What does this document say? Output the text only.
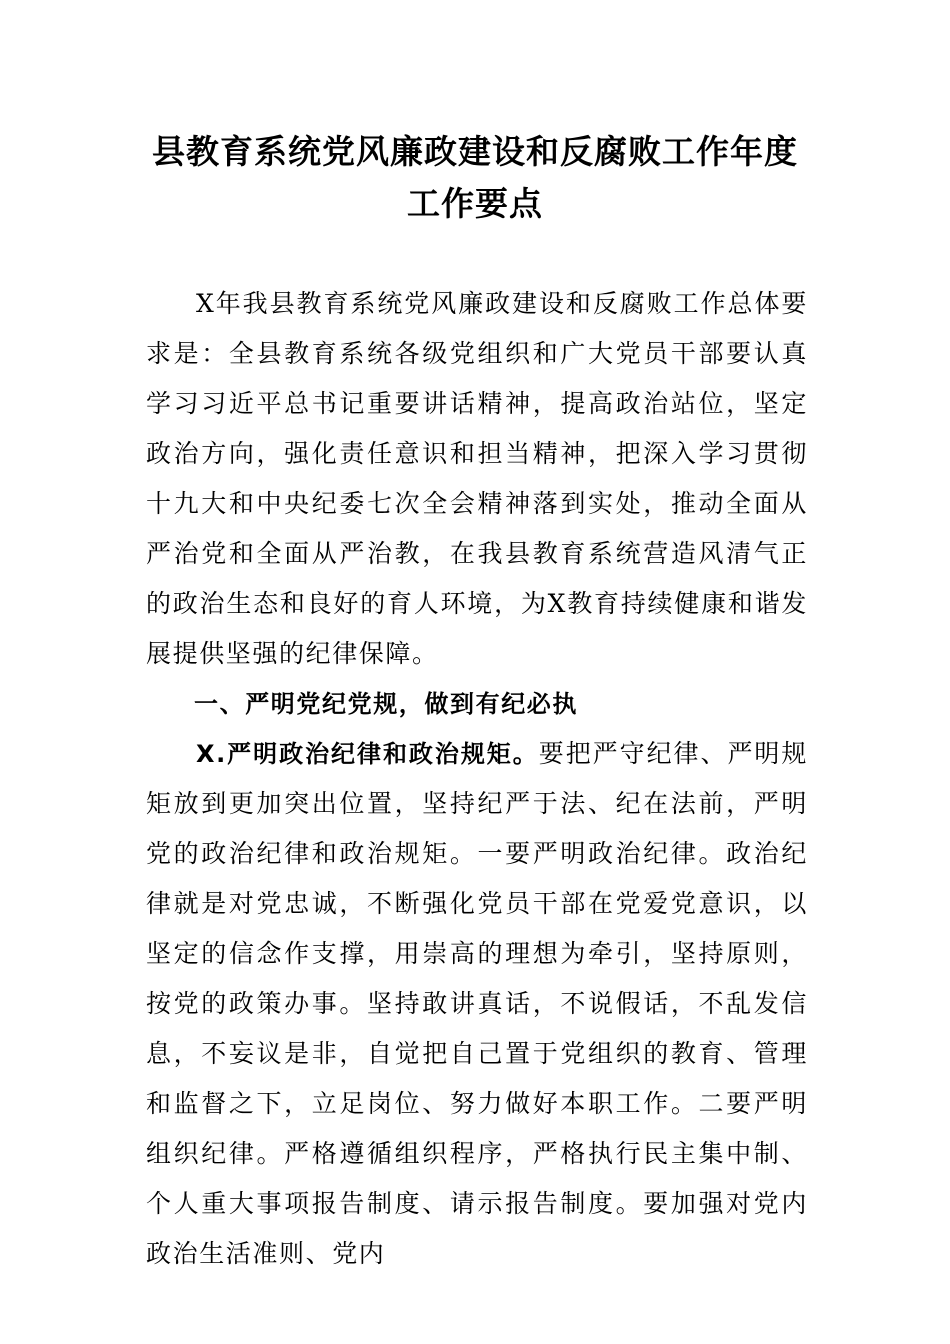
县教育系统党风廉政建设和反腐败工作年度工作要点

X年我县教育系统党风廉政建设和反腐败工作总体要求是：全县教育系统各级党组织和广大党员干部要认真学习习近平总书记重要讲话精神，提高政治站位，坚定政治方向，强化责任意识和担当精神，把深入学习贯彻十九大和中央纪委七次全会精神落到实处，推动全面从严治党和全面从严治教，在我县教育系统营造风清气正的政治生态和良好的育人环境，为X教育持续健康和谐发展提供坚强的纪律保障。

一、严明党纪党规，做到有纪必执

X.严明政治纪律和政治规矩。要把严守纪律、严明规矩放到更加突出位置，坚持纪严于法、纪在法前，严明党的政治纪律和政治规矩。一要严明政治纪律。政治纪律就是对党忠诚，不断强化党员干部在党爱党意识，以坚定的信念作支撑，用崇高的理想为牵引，坚持原则，按党的政策办事。坚持敢讲真话，不说假话，不乱发信息，不妄议是非，自觉把自己置于党组织的教育、管理和监督之下，立足岗位、努力做好本职工作。二要严明组织纪律。严格遵循组织程序，严格执行民主集中制、个人重大事项报告制度、请示报告制度。要加强对党内政治生活准则、党内
